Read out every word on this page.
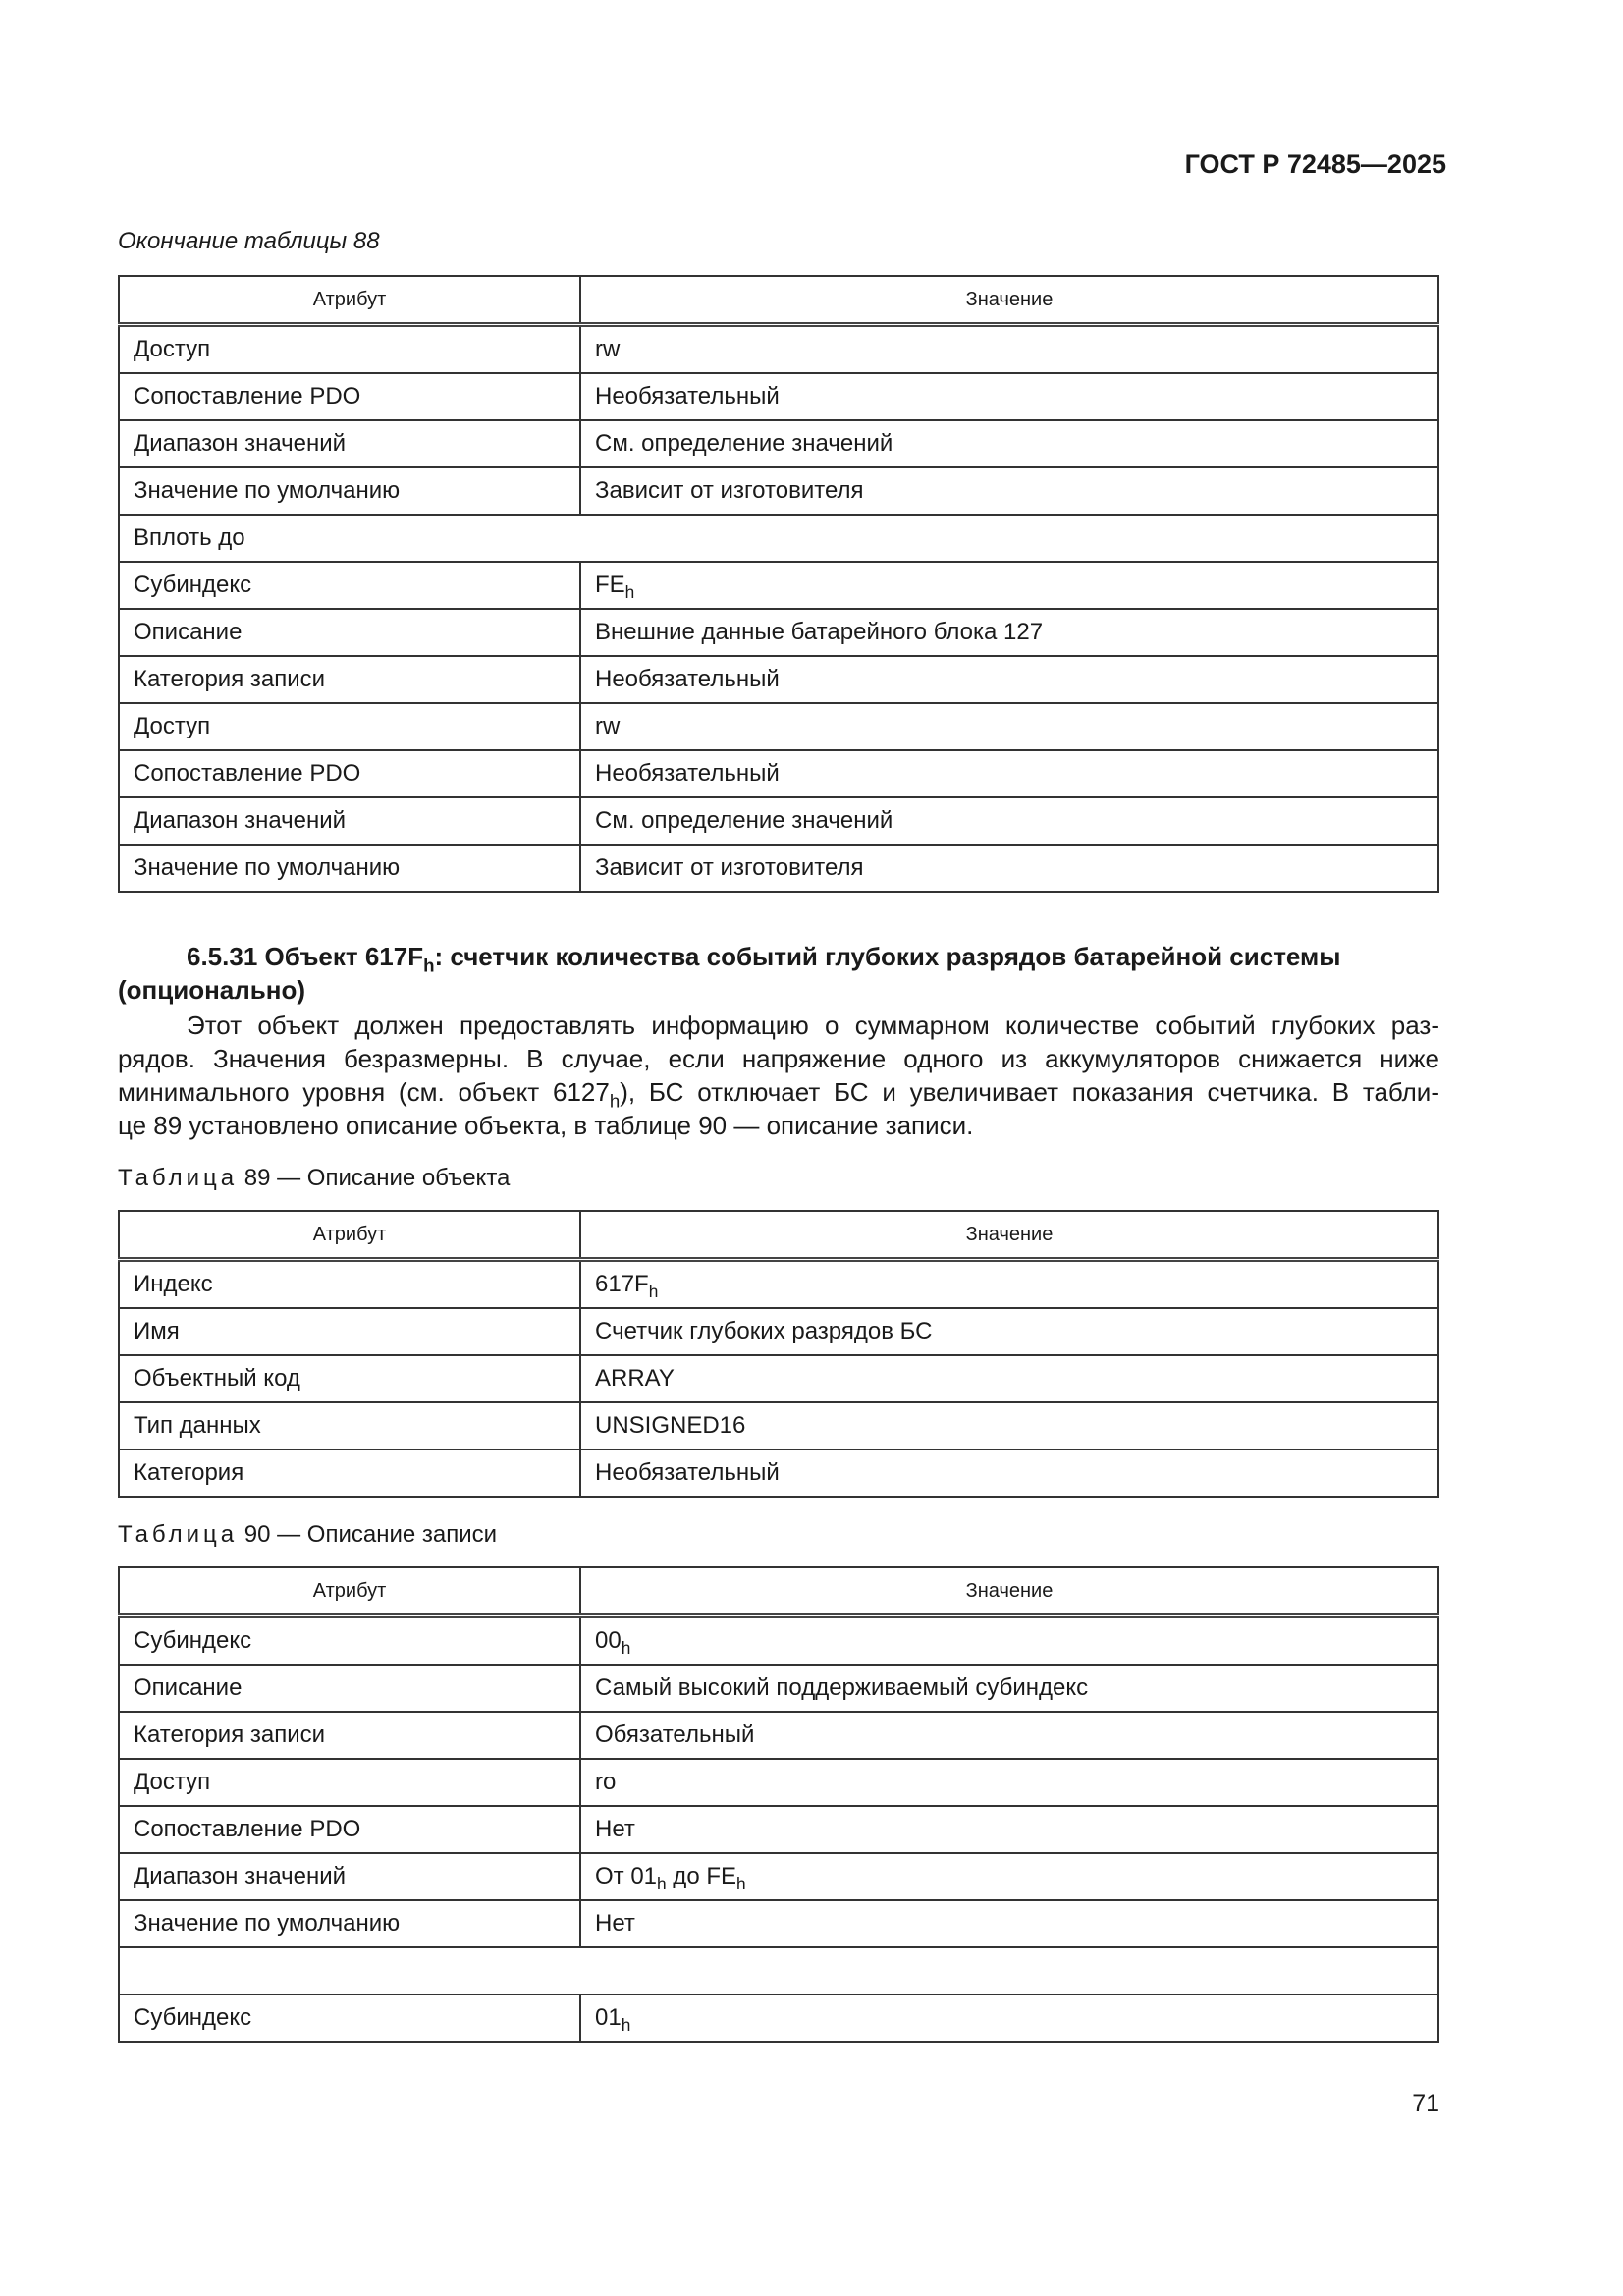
ГОСТ Р 72485—2025
Окончание таблицы 88
Атрибут	Значение
Доступ	rw
Сопоставление PDO	Необязательный
Диапазон значений	См. определение значений
Значение по умолчанию	Зависит от изготовителя
Вплоть до	
Субиндекс	$FE_h$
Описание	Внешние данные батарейного блока 127
Категория записи	Необязательный
Доступ	rw
Сопоставление PDO	Необязательный
Диапазон значений	См. определение значений
Значение по умолчанию	Зависит от изготовителя
6.5.31 Объект $617F_h$: счетчик количества событий глубоких разрядов батарейной системы
(опционально)
Этот объект должен предоставлять информацию о суммарном количестве событий глубоких раз-
рядов. Значения безразмерны. В случае, если напряжение одного из аккумуляторов снижается ниже
минимального уровня (см. объект $6127_h$), БС отключает БС и увеличивает показания счетчика. В табли-
це 89 установлено описание объекта, в таблице 90 — описание записи.
Таблица 89 — Описание объекта
Атрибут	Значение
Индекс	$617F_h$
Имя	Счетчик глубоких разрядов БС
Объектный код	ARRAY
Тип данных	UNSIGNED16
Категория	Необязательный
Таблица 90 — Описание записи
Атрибут	Значение
Субиндекс	$00_h$
Описание	Самый высокий поддерживаемый субиндекс
Категория записи	Обязательный
Доступ	ro
Сопоставление PDO	Нет
Диапазон значений	От $01_h$ до $FE_h$
Значение по умолчанию	Нет

Субиндекс	$01_h$
71
